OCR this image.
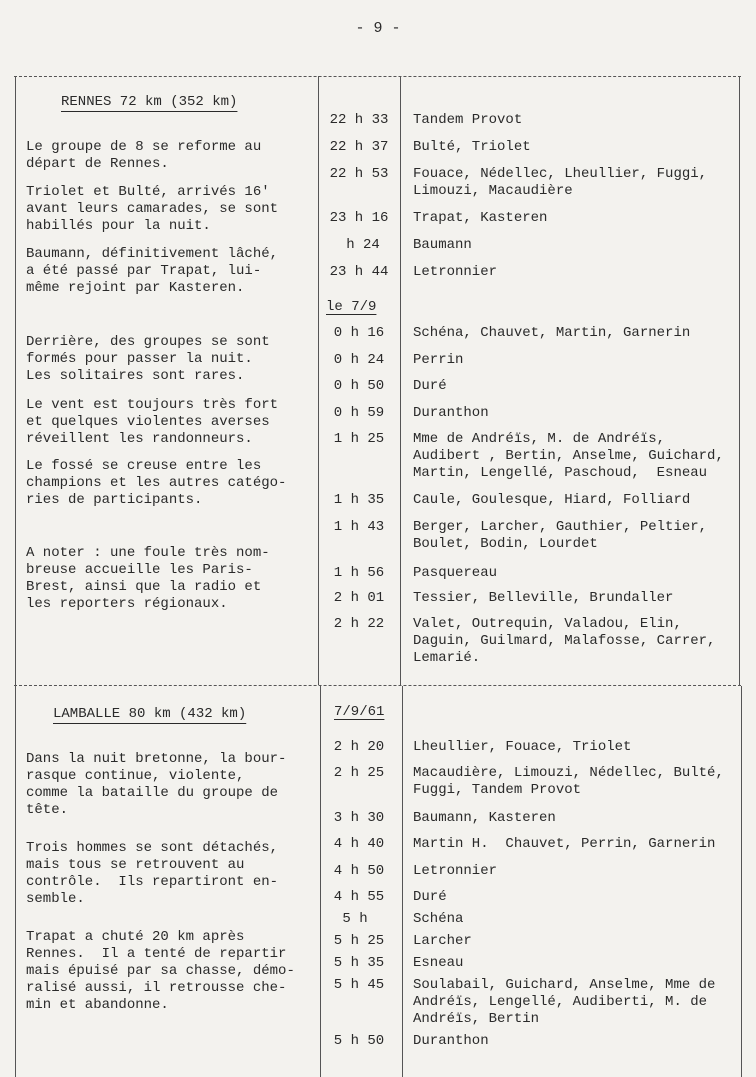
- 9 -
RENNES 72 km (352 km)
Le groupe de 8 se reforme au
départ de Rennes.
Triolet et Bulté, arrivés 16'
avant leurs camarades, se sont
habillés pour la nuit.
Baumann, définitivement lâché,
a été passé par Trapat, lui-
même rejoint par Kasteren.
Derrière, des groupes se sont
formés pour passer la nuit.
Les solitaires sont rares.
Le vent est toujours très fort
et quelques violentes averses
réveillent les randonneurs.
Le fossé se creuse entre les
champions et les autres catégo-
ries de participants.
A noter : une foule très nom-
breuse accueille les Paris-
Brest, ainsi que la radio et
les reporters régionaux.
le 7/9
22 h 33	Tandem Provot
22 h 37	Bulté, Triolet
22 h 53	Fouace, Nédellec, Lheullier, Fuggi,
Limouzi, Macaudière
23 h 16	Trapat, Kasteren
h 24	Baumann
23 h 44	Letronnier
0 h 16	Schéna, Chauvet, Martin, Garnerin
0 h 24	Perrin
0 h 50	Duré
0 h 59	Duranthon
1 h 25	Mme de Andréïs, M. de Andréïs,
Audibert , Bertin, Anselme, Guichard,
Martin, Lengellé, Paschoud,  Esneau
1 h 35	Caule, Goulesque, Hiard, Folliard
1 h 43	Berger, Larcher, Gauthier, Peltier,
Boulet, Bodin, Lourdet
1 h 56	Pasquereau
2 h 01	Tessier, Belleville, Brundaller
2 h 22	Valet, Outrequin, Valadou, Elin,
Daguin, Guilmard, Malafosse, Carrer,
Lemarié.
LAMBALLE 80 km (432 km)
Dans la nuit bretonne, la bour-
rasque continue, violente,
comme la bataille du groupe de
tête.
Trois hommes se sont détachés,
mais tous se retrouvent au
contrôle.  Ils repartiront en-
semble.
Trapat a chuté 20 km après
Rennes.  Il a tenté de repartir
mais épuisé par sa chasse, démo-
ralisé aussi, il retrousse che-
min et abandonne.
7/9/61
2 h 20	Lheullier, Fouace, Triolet
2 h 25	Macaudière, Limouzi, Nédellec, Bulté,
Fuggi, Tandem Provot
3 h 30	Baumann, Kasteren
4 h 40	Martin H.  Chauvet, Perrin, Garnerin
4 h 50	Letronnier
4 h 55	Duré
5 h	Schéna
5 h 25	Larcher
5 h 35	Esneau
5 h 45	Soulabail, Guichard, Anselme, Mme de
Andréïs, Lengellé, Audiberti, M. de
Andréïs, Bertin
5 h 50	Duranthon
